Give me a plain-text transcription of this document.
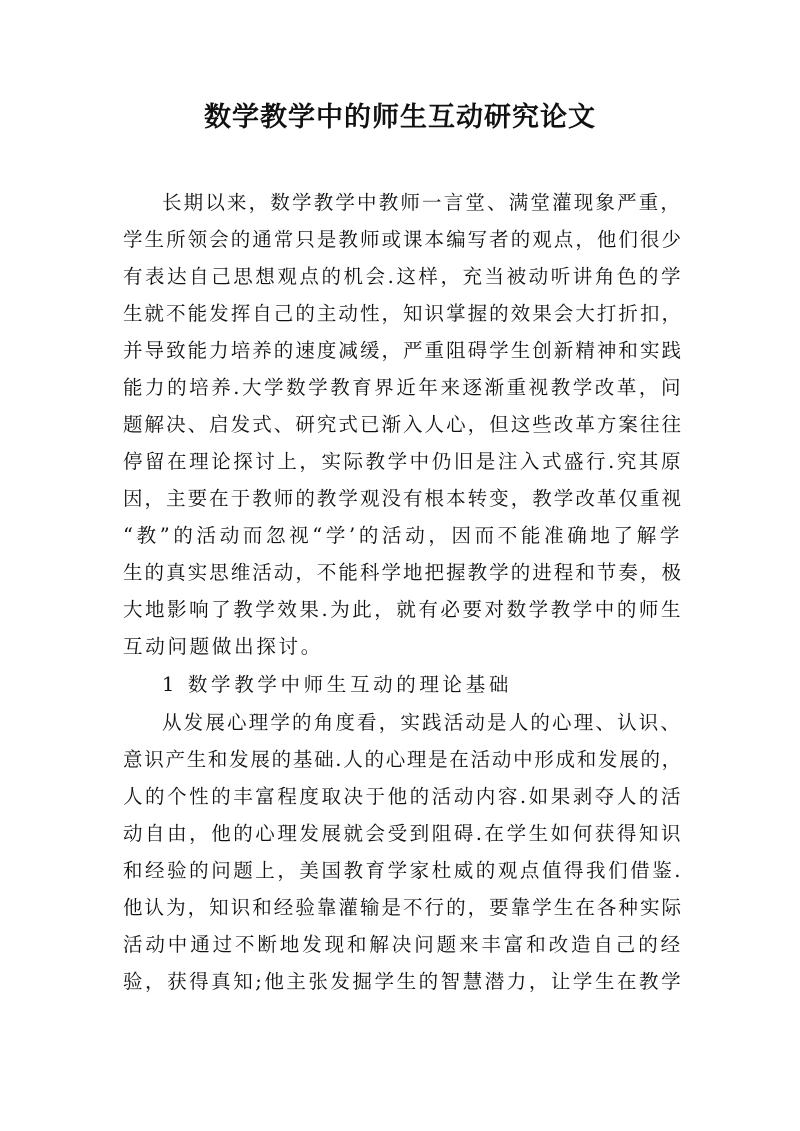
数学教学中的师生互动研究论文
长期以来，数学教学中教师一言堂、满堂灌现象严重，
学生所领会的通常只是教师或课本编写者的观点，他们很少
有表达自己思想观点的机会.这样，充当被动听讲角色的学
生就不能发挥自己的主动性，知识掌握的效果会大打折扣，
并导致能力培养的速度减缓，严重阻碍学生创新精神和实践
能力的培养.大学数学教育界近年来逐渐重视教学改革，问
题解决、启发式、研究式已渐入人心，但这些改革方案往往
停留在理论探讨上，实际教学中仍旧是注入式盛行.究其原
因，主要在于教师的教学观没有根本转变，教学改革仅重视
“教”的活动而忽视“学’的活动，因而不能准确地了解学
生的真实思维活动，不能科学地把握教学的进程和节奏，极
大地影响了教学效果.为此，就有必要对数学教学中的师生
互动问题做出探讨。
1 数学教学中师生互动的理论基础
从发展心理学的角度看，实践活动是人的心理、认识、
意识产生和发展的基础.人的心理是在活动中形成和发展的，
人的个性的丰富程度取决于他的活动内容.如果剥夺人的活
动自由，他的心理发展就会受到阻碍.在学生如何获得知识
和经验的问题上，美国教育学家杜威的观点值得我们借鉴.
他认为，知识和经验靠灌输是不行的，要靠学生在各种实际
活动中通过不断地发现和解决问题来丰富和改造自己的经
验，获得真知;他主张发掘学生的智慧潜力，让学生在教学
